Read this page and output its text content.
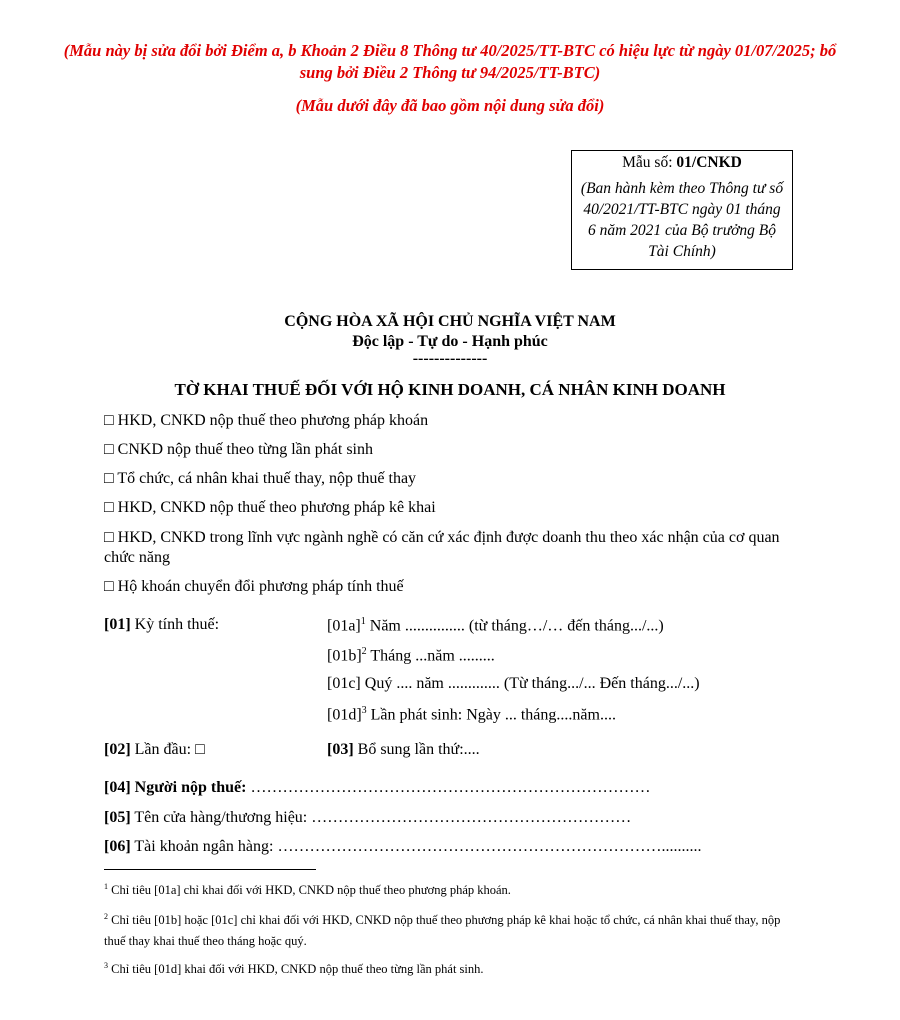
(Mẫu này bị sửa đổi bởi Điểm a, b Khoản 2 Điều 8 Thông tư 40/2025/TT-BTC có hiệu lực từ ngày 01/07/2025; bổ sung bởi Điều 2 Thông tư 94/2025/TT-BTC)
(Mẫu dưới đây đã bao gồm nội dung sửa đổi)
Mẫu số: 01/CNKD
(Ban hành kèm theo Thông tư số 40/2021/TT-BTC ngày 01 tháng 6 năm 2021 của Bộ trưởng Bộ Tài Chính)
CỘNG HÒA XÃ HỘI CHỦ NGHĨA VIỆT NAM
Độc lập - Tự do - Hạnh phúc
--------------
TỜ KHAI THUẾ ĐỐI VỚI HỘ KINH DOANH, CÁ NHÂN KINH DOANH
□ HKD, CNKD nộp thuế theo phương pháp khoán
□ CNKD nộp thuế theo từng lần phát sinh
□ Tổ chức, cá nhân khai thuế thay, nộp thuế thay
□ HKD, CNKD nộp thuế theo phương pháp kê khai
□ HKD, CNKD trong lĩnh vực ngành nghề có căn cứ xác định được doanh thu theo xác nhận của cơ quan chức năng
□ Hộ khoán chuyển đổi phương pháp tính thuế
[01] Kỳ tính thuế:	$[01a]^1$ Năm ............... (từ tháng…/… đến tháng.../...)
$[01b]^2$ Tháng ...năm .........
[01c] Quý .... năm ............. (Từ tháng.../... Đến tháng.../...)
$[01d]^3$ Lần phát sinh: Ngày ... tháng....năm....
[02] Lần đầu: □	[03] Bổ sung lần thứ:....
[04] Người nộp thuế: …………………………………………………………………
[05] Tên cửa hàng/thương hiệu: ……………………………………………………
[06] Tài khoản ngân hàng: ………………………………………………………………..........
$^1$ Chỉ tiêu [01a] chỉ khai đối với HKD, CNKD nộp thuế theo phương pháp khoán.
$^2$ Chỉ tiêu [01b] hoặc [01c] chỉ khai đối với HKD, CNKD nộp thuế theo phương pháp kê khai hoặc tổ chức, cá nhân khai thuế thay, nộp thuế thay khai thuế theo tháng hoặc quý.
$^3$ Chỉ tiêu [01d] khai đối với HKD, CNKD nộp thuế theo từng lần phát sinh.
